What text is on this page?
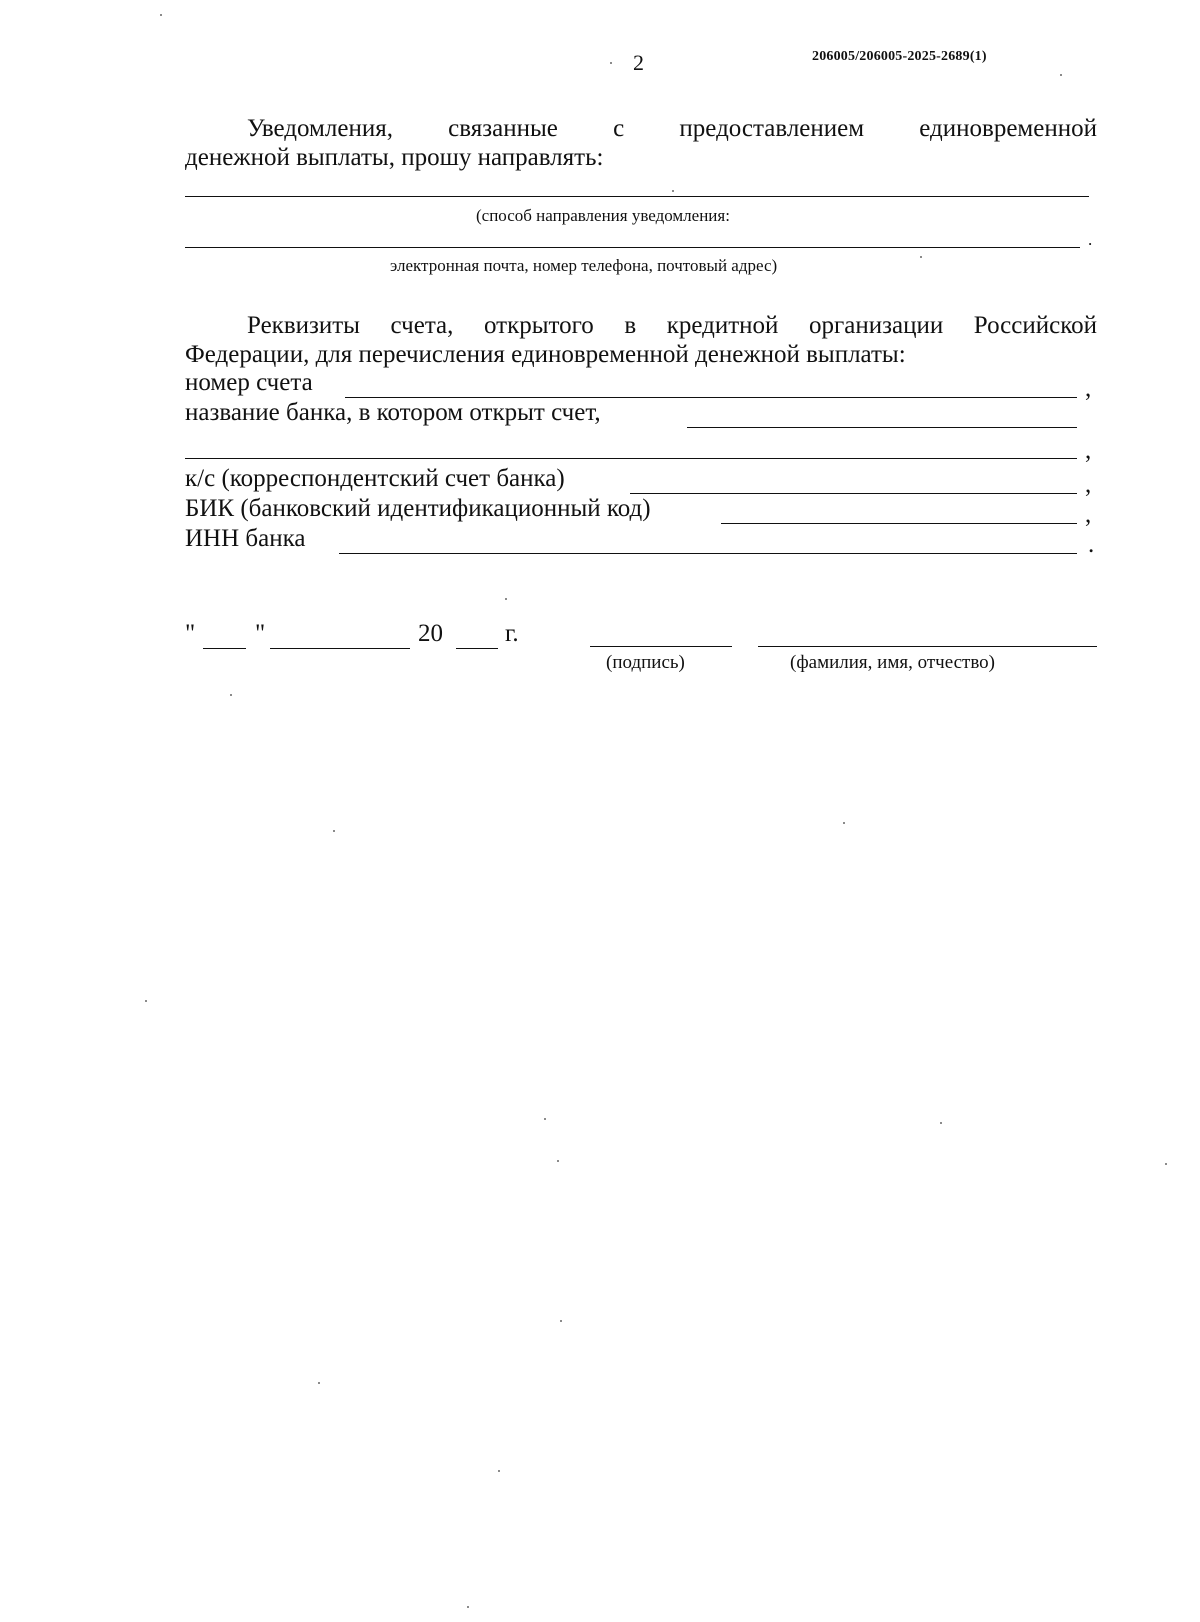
2	206005/206005-2025-2689(1)
Уведомления, связанные с предоставлением единовременной
денежной выплаты, прошу направлять:
(способ направления уведомления:
.
электронная почта, номер телефона, почтовый адрес)
Реквизиты счета, открытого в кредитной организации Российской
Федерации, для перечисления единовременной денежной выплаты:
номер счета	,
название банка, в котором открыт счет,
,
к/с (корреспондентский счет банка)	,
БИК (банковский идентификационный код)	,
ИНН банка	.
" "	20 г.
(подпись)	(фамилия, имя, отчество)
